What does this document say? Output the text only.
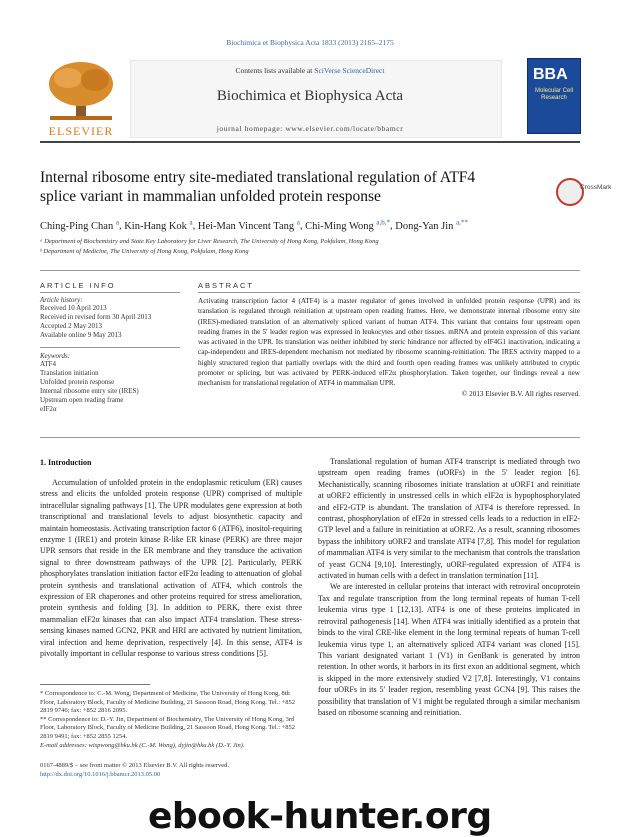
Biochimica et Biophysica Acta 1833 (2013) 2165–2175
ELSEVIER
Contents lists available at SciVerse ScienceDirect
Biochimica et Biophysica Acta
journal homepage: www.elsevier.com/locate/bbamcr
BBA
Molecular Cell Research
Internal ribosome entry site-mediated translational regulation of ATF4 splice variant in mammalian unfolded protein response
CrossMark
Ching-Ping Chan $^a$, Kin-Hang Kok $^a$, Hei-Man Vincent Tang $^a$, Chi-Ming Wong $^{a,b,*}$, Dong-Yan Jin $^{a,**}$
ᵃ Department of Biochemistry and State Key Laboratory for Liver Research, The University of Hong Kong, Pokfulam, Hong Kong
ᵇ Department of Medicine, The University of Hong Kong, Pokfulam, Hong Kong
ARTICLE INFO	ABSTRACT
Article history:
Received 10 April 2013
Received in revised form 30 April 2013
Accepted 2 May 2013
Available online 9 May 2013
Keywords:
ATF4
Translation initiation
Unfolded protein response
Internal ribosome entry site (IRES)
Upstream open reading frame
eIF2α
Activating transcription factor 4 (ATF4) is a master regulator of genes involved in unfolded protein response (UPR) and its translation is regulated through reinitiation at upstream open reading frames. Here, we demonstrate internal ribosome entry site (IRES)-mediated translation of an alternatively spliced variant of human ATF4. This variant that contains four upstream open reading frames in the 5′ leader region was expressed in leukocytes and other tissues. mRNA and protein expression of this variant was activated in the UPR. Its translation was neither inhibited by steric hindrance nor affected by eIF4G1 inactivation, indicating a cap-independent and IRES-dependent mechanism not mediated by ribosome scanning-reinitiation. The IRES activity mapped to a highly structured region that partially overlaps with the third and fourth open reading frames was unlikely attributed to cryptic promoter or splicing, but was activated by PERK-induced eIF2α phosphorylation. Taken together, our findings reveal a new mechanism for translational regulation of ATF4 in mammalian UPR.
© 2013 Elsevier B.V. All rights reserved.
1. Introduction

Accumulation of unfolded protein in the endoplasmic reticulum (ER) causes stress and elicits the unfolded protein response (UPR) comprised of multiple intracellular signaling pathways [1]. The UPR modulates gene expression at both transcriptional and translational levels to adjust biosynthetic capacity and maintain homeostasis. Activating transcription factor 6 (ATF6), inositol-requiring enzyme 1 (IRE1) and protein kinase R-like ER kinase (PERK) are three major UPR sensors that reside in the ER membrane and they transduce the activation signal to three downstream pathways of the UPR [2]. Particularly, PERK phosphorylates translation initiation factor eIF2α leading to attenuation of global protein synthesis and translational activation of ATF4, which controls the expression of ER chaperones and other proteins required for stress amelioration, protein synthesis and folding [3]. In addition to PERK, there exist three mammalian eIF2α kinases that can also impact ATF4 translation. These stress-sensing kinases named GCN2, PKR and HRI are activated by nutrient limitation, viral infection and heme deprivation, respectively [4]. In this sense, ATF4 is pivotally important in cellular response to various stress conditions [5].

Translational regulation of human ATF4 transcript is mediated through two upstream open reading frames (uORFs) in the 5′ leader region [6]. Mechanistically, scanning ribosomes initiate translation at uORF1 and reinitiate at uORF2 efficiently in unstressed cells in which eIF2α is hypophosphorylated and eIF2-GTP is abundant. The translation of ATF4 is therefore repressed. In contrast, phosphorylation of eIF2α in stressed cells leads to a reduction in eIF2-GTP level and a failure in reinitiation at uORF2. As a result, scanning ribosomes bypass the inhibitory uORF2 and translate ATF4 [7,8]. This model for regulation of mammalian ATF4 is very similar to the mechanism that controls the translation of yeast GCN4 [9,10]. Interestingly, uORF-regulated expression of ATF4 is activated in human cells with a defect in translation termination [11].

We are interested in cellular proteins that interact with retroviral oncoprotein Tax and regulate transcription from the long terminal repeats of human T-cell leukemia virus type 1 [12,13]. ATF4 is one of these proteins implicated in retroviral pathogenesis [14]. When ATF4 was initially identified as a protein that binds to the viral CRE-like element in the long terminal repeats of human T-cell leukemia virus type 1, an alternatively spliced ATF4 variant was cloned [15]. This variant designated variant 1 (V1) in GenBank is generated by intron retention. In other words, it harbors in its first exon an additional segment, which is skipped in the more extensively studied V2 [7,8]. Interestingly, V1 contains four uORFs in its 5′ leader region, resembling yeast GCN4 [9]. This raises the possibility that translation of V1 might be regulated through a similar mechanism based on ribosome scanning and reinitiation.

* Correspondence to: C.-M. Wong, Department of Medicine, The University of Hong Kong, 8th Floor, Laboratory Block, Faculty of Medicine Building, 21 Sassoon Road, Hong Kong. Tel.: +852 2819 9746; fax: +852 2816 2095.
** Correspondence to: D.-Y. Jin, Department of Biochemistry, The University of Hong Kong, 3rd Floor, Laboratory Block, Faculty of Medicine Building, 21 Sassoon Road, Hong Kong. Tel.: +852 2819 9491; fax: +852 2855 1254.
E-mail addresses: wispwong@hku.hk (C.-M. Wong), dyjin@hku.hk (D.-Y. Jin).
0167-4889/$ – see front matter © 2013 Elsevier B.V. All rights reserved.
http://dx.doi.org/10.1016/j.bbamcr.2013.05.00
ebook-hunter.org
